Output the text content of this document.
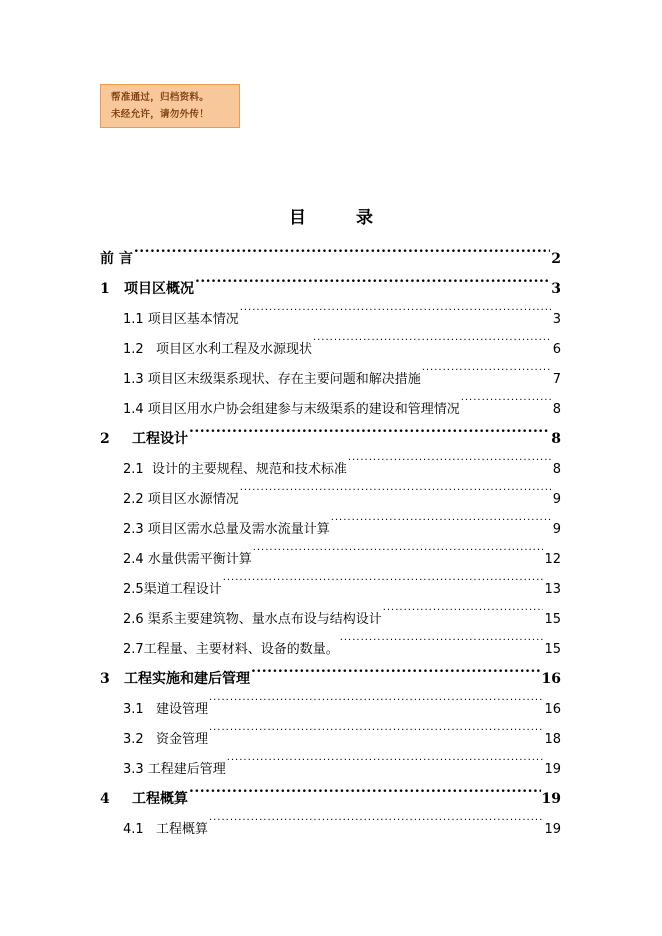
帮准通过，归档资料。
未经允许，请勿外传！
目 录
前 言 .....	2
1 项目区概况 .....	3
1.1 项目区基本情况 .....	3
1.2  项目区水利工程及水源现状 .....	6
1.3 项目区末级渠系现状、存在主要问题和解决措施 .....	7
1.4 项目区用水户协会组建参与末级渠系的建设和管理情况 .....	8
2 工程设计 .....	8
2.1 设计的主要规程、规范和技术标准 .....	8
2.2 项目区水源情况 .....	9
2.3 项目区需水总量及需水流量计算 .....	9
2.4 水量供需平衡计算 .....	12
2.5渠道工程设计 .....	13
2.6 渠系主要建筑物、量水点布设与结构设计 .....	15
2.7工程量、主要材料、设备的数量。 .....	15
3 工程实施和建后管理 .....	16
3.1  建设管理 .....	16
3.2  资金管理 .....	18
3.3 工程建后管理 .....	19
4 工程概算 .....	19
4.1  工程概算 .....	19
